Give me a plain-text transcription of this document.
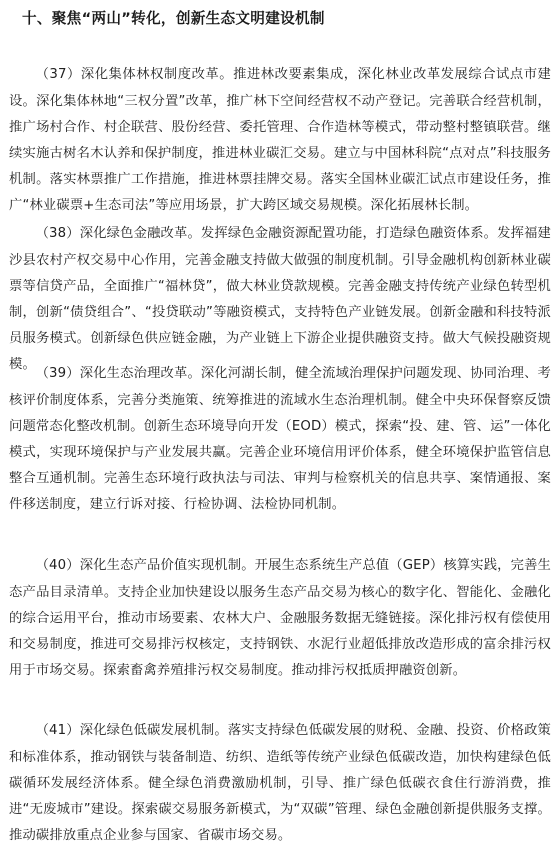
十、聚焦“两山”转化，创新生态文明建设机制

（37）深化集体林权制度改革。推进林改要素集成，深化林业改革发展综合试点市建设。深化集体林地“三权分置”改革，推广林下空间经营权不动产登记。完善联合经营机制，推广场村合作、村企联营、股份经营、委托管理、合作造林等模式，带动整村整镇联营。继续实施古树名木认养和保护制度，推进林业碳汇交易。建立与中国林科院“点对点”科技服务机制。落实林票推广工作措施，推进林票挂牌交易。落实全国林业碳汇试点市建设任务，推广“林业碳票+生态司法”等应用场景，扩大跨区域交易规模。深化拓展林长制。

（38）深化绿色金融改革。发挥绿色金融资源配置功能，打造绿色融资体系。发挥福建沙县农村产权交易中心作用，完善金融支持做大做强的制度机制。引导金融机构创新林业碳票等信贷产品，全面推广“福林贷”，做大林业贷款规模。完善金融支持传统产业绿色转型机制，创新“债贷组合”、“投贷联动”等融资模式，支持特色产业链发展。创新金融和科技特派员服务模式。创新绿色供应链金融，为产业链上下游企业提供融资支持。做大气候投融资规模。

（39）深化生态治理改革。深化河湖长制，健全流域治理保护问题发现、协同治理、考核评价制度体系，完善分类施策、统筹推进的流域水生态治理机制。健全中央环保督察反馈问题常态化整改机制。创新生态环境导向开发（EOD）模式，探索“投、建、管、运”一体化模式，实现环境保护与产业发展共赢。完善企业环境信用评价体系，健全环境保护监管信息整合互通机制。完善生态环境行政执法与司法、审判与检察机关的信息共享、案情通报、案件移送制度，建立行诉对接、行检协调、法检协同机制。

（40）深化生态产品价值实现机制。开展生态系统生产总值（GEP）核算实践，完善生态产品目录清单。支持企业加快建设以服务生态产品交易为核心的数字化、智能化、金融化的综合运用平台，推动市场要素、农林大户、金融服务数据无缝链接。深化排污权有偿使用和交易制度，推进可交易排污权核定，支持钢铁、水泥行业超低排放改造形成的富余排污权用于市场交易。探索畜禽养殖排污权交易制度。推动排污权抵质押融资创新。

（41）深化绿色低碳发展机制。落实支持绿色低碳发展的财税、金融、投资、价格政策和标准体系，推动钢铁与装备制造、纺织、造纸等传统产业绿色低碳改造，加快构建绿色低碳循环发展经济体系。健全绿色消费激励机制，引导、推广绿色低碳衣食住行游消费，推进“无废城市”建设。探索碳交易服务新模式，为“双碳”管理、绿色金融创新提供服务支撑。推动碳排放重点企业参与国家、省碳市场交易。
